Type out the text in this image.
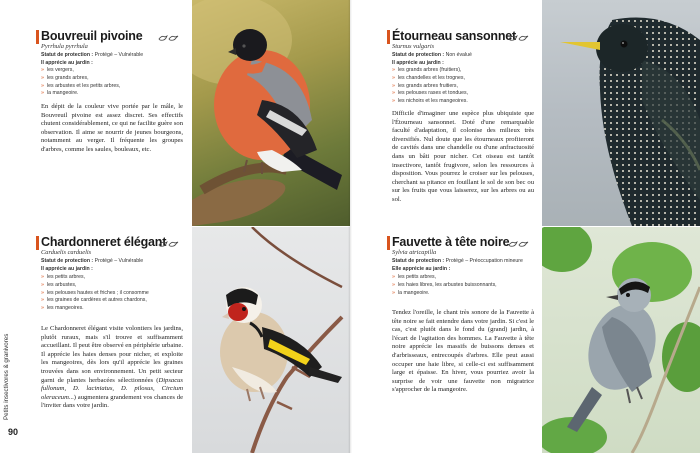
Bouvreuil pivoine
Pyrrhula pyrrhula
Statut de protection : Protégé – Vulnérable
Il apprécie au jardin :
» les vergers,
» les grands arbres,
» les arbustes et les petits arbres,
» la mangeoire.

En dépit de la couleur vive portée par le mâle, le Bouvreuil pivoine est assez discret. Ses effectifs chutent considérablement, ce qui ne facilite guère son observation. Il aime se nourrir de jeunes bourgeons, notamment au verger. Il fréquente les groupes d'arbres, comme les saules, bouleaux, etc.

Chardonneret élégant
Carduelis carduelis
Statut de protection : Protégé – Vulnérable
Il apprécie au jardin :
» les petits arbres,
» les arbustes,
» les pelouses hautes et friches ; il consomme
» les graines de cardères et autres chardons,
» les mangeoires.

Le Chardonneret élégant visite volontiers les jardins, plutôt ruraux, mais s'il trouve et suffisamment accueillant. Il peut être observé en périphérie urbaine. Il apprécie les haies denses pour nicher, et exploite les mangeoires, dès lors qu'il apprécie les graines trouvées dans son environnement. Un petit secteur garni de plantes herbacées sélectionnées (Dipsacus fullonum, D. laciniatus, D. pilosus, Circium oleraceum...) augmentera grandement vos chances de l'inviter dans votre jardin.

Petits insectivores & granivores
90
Étourneau sansonnet
Sturnus vulgaris
Statut de protection : Non évalué
Il apprécie au jardin :
» les grands arbres (fruitiers),
» les chandelles et les trognes,
» les grands arbres fruitiers,
» les pelouses rases et tondues,
» les nichoirs et les mangeoires.

Difficile d'imaginer une espèce plus ubiquiste que l'Étourneau sansonnet. Doté d'une remarquable faculté d'adaptation, il colonise des milieux très diversifiés. Nul doute que les étourneaux profiteront de cavités dans une chandelle ou d'une anfractuosité dans un bâti pour nicher. Cet oiseau est tantôt insectivore, tantôt frugivore, selon les ressources à disposition. Vous pourrez le croiser sur les pelouses, cherchant sa pitance en fouillant le sol de son bec ou sur les fruits que vous laisserez, sur les arbres ou au sol.

Fauvette à tête noire
Sylvia atricapilla
Statut de protection : Protégé – Préoccupation mineure
Elle apprécie au jardin :
» les petits arbres,
» les haies libres, les arbustes buissonnants,
» la mangeoire.

Tendez l'oreille, le chant très sonore de la Fauvette à tête noire se fait entendre dans votre jardin. Si c'est le cas, c'est plutôt dans le fond du (grand) jardin, à l'écart de l'agitation des hommes. La Fauvette à tête noire apprécie les massifs de buissons denses et d'arbrisseaux, entrecoupés d'arbres. Elle peut aussi occuper une haie libre, si celle-ci est suffisamment large et épaisse. En hiver, vous pourriez avoir la surprise de voir une fauvette non migratrice s'approcher de la mangeoire.
